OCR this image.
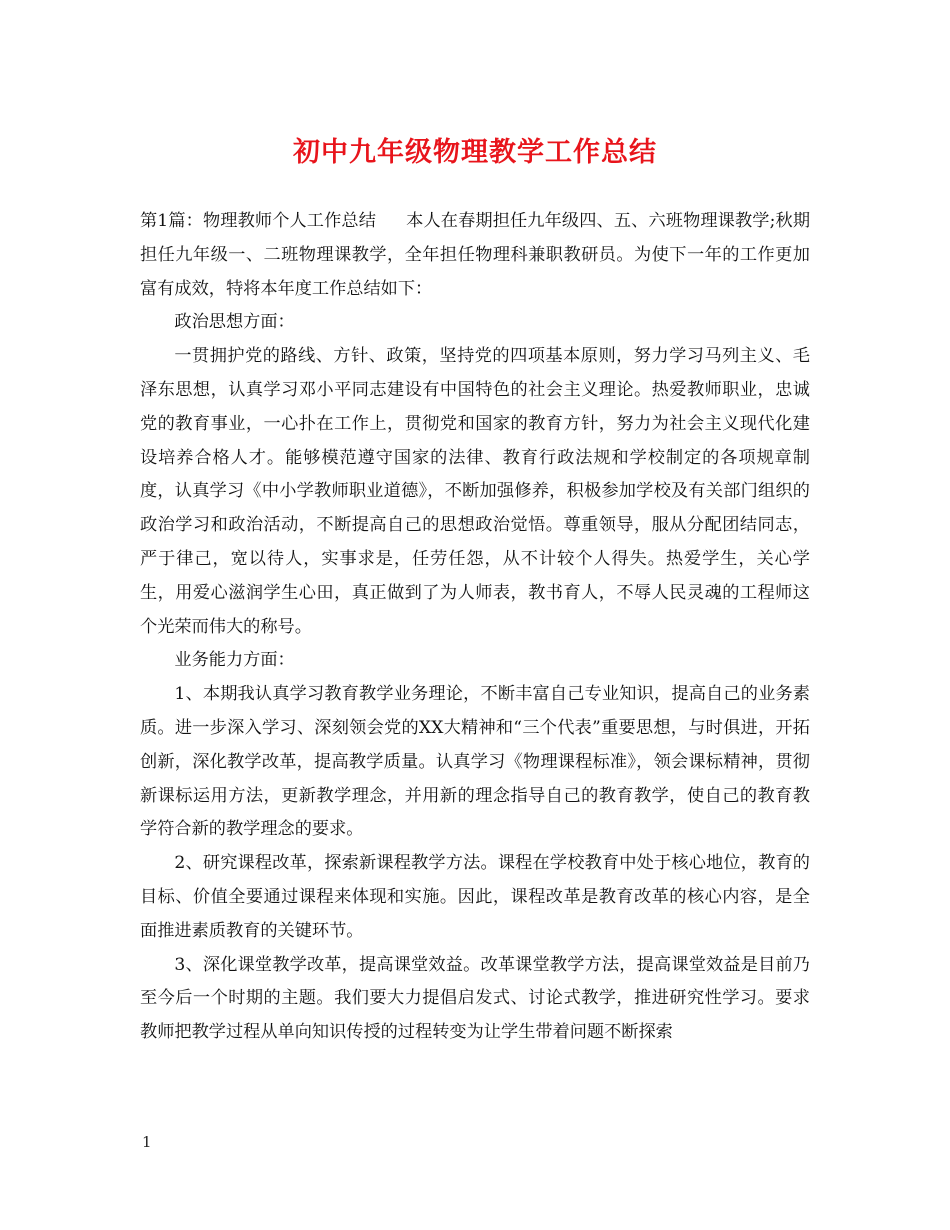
初中九年级物理教学工作总结

第1篇：物理教师个人工作总结 本人在春期担任九年级四、五、六班物理课教学;秋期担任九年级一、二班物理课教学，全年担任物理科兼职教研员。为使下一年的工作更加富有成效，特将本年度工作总结如下：

政治思想方面：

一贯拥护党的路线、方针、政策，坚持党的四项基本原则，努力学习马列主义、毛泽东思想，认真学习邓小平同志建设有中国特色的社会主义理论。热爱教师职业，忠诚党的教育事业，一心扑在工作上，贯彻党和国家的教育方针，努力为社会主义现代化建设培养合格人才。能够模范遵守国家的法律、教育行政法规和学校制定的各项规章制度，认真学习《中小学教师职业道德》，不断加强修养，积极参加学校及有关部门组织的政治学习和政治活动，不断提高自己的思想政治觉悟。尊重领导，服从分配团结同志，严于律己，宽以待人，实事求是，任劳任怨，从不计较个人得失。热爱学生，关心学生，用爱心滋润学生心田，真正做到了为人师表，教书育人，不辱人民灵魂的工程师这个光荣而伟大的称号。

业务能力方面：

1、本期我认真学习教育教学业务理论，不断丰富自己专业知识，提高自己的业务素质。进一步深入学习、深刻领会党的XX大精神和“三个代表”重要思想，与时俱进，开拓创新，深化教学改革，提高教学质量。认真学习《物理课程标准》，领会课标精神，贯彻新课标运用方法，更新教学理念，并用新的理念指导自己的教育教学，使自己的教育教学符合新的教学理念的要求。

2、研究课程改革，探索新课程教学方法。课程在学校教育中处于核心地位，教育的目标、价值全要通过课程来体现和实施。因此，课程改革是教育改革的核心内容，是全面推进素质教育的关键环节。

3、深化课堂教学改革，提高课堂效益。改革课堂教学方法，提高课堂效益是目前乃至今后一个时期的主题。我们要大力提倡启发式、讨论式教学，推进研究性学习。要求教师把教学过程从单向知识传授的过程转变为让学生带着问题不断探索

1
